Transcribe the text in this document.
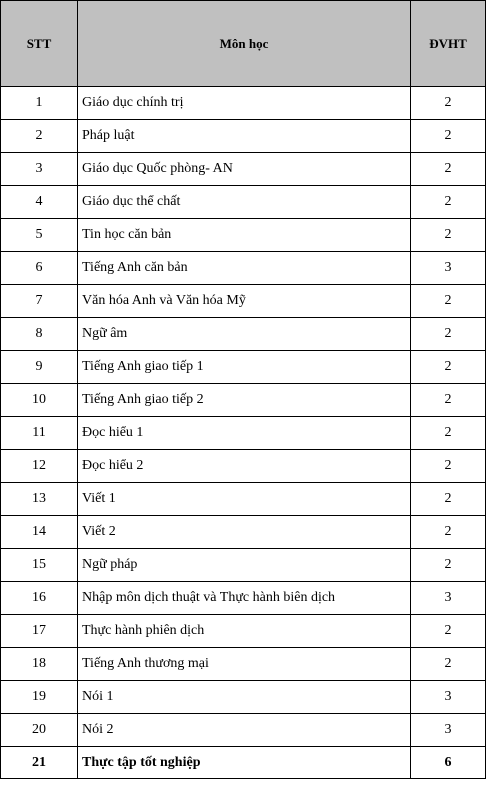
STT	Môn học	ĐVHT
1	Giáo dục chính trị	2
2	Pháp luật	2
3	Giáo dục Quốc phòng- AN	2
4	Giáo dục thể chất	2
5	Tin học căn bản	2
6	Tiếng Anh căn bản	3
7	Văn hóa Anh và Văn hóa Mỹ	2
8	Ngữ âm	2
9	Tiếng Anh giao tiếp 1	2
10	Tiếng Anh giao tiếp 2	2
11	Đọc hiểu 1	2
12	Đọc hiểu 2	2
13	Viết 1	2
14	Viết 2	2
15	Ngữ pháp	2
16	Nhập môn dịch thuật và Thực hành biên dịch	3
17	Thực hành phiên dịch	2
18	Tiếng Anh thương mại	2
19	Nói 1	3
20	Nói 2	3
21	Thực tập tốt nghiệp	6
